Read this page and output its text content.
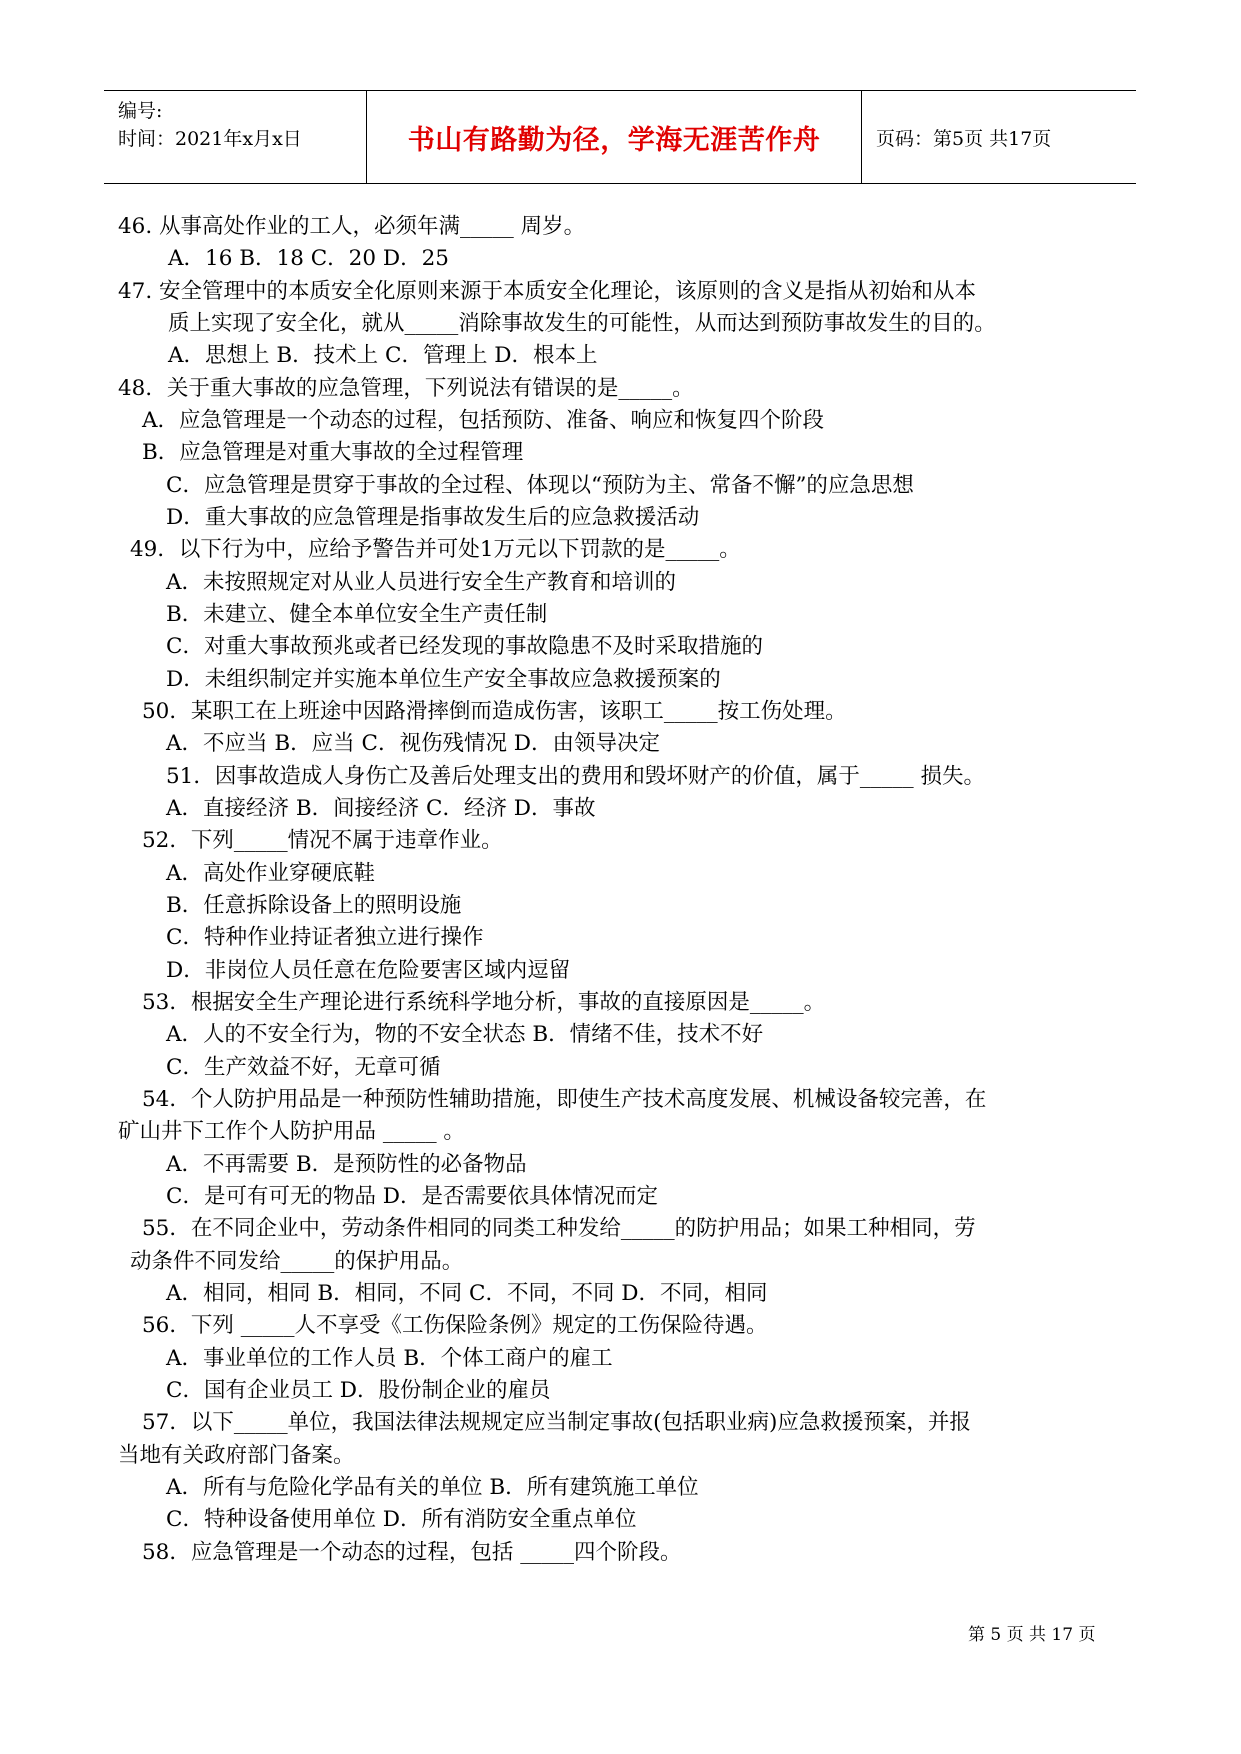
编号:
时间：2021年x月x日	书山有路勤为径，学海无涯苦作舟	页码：第5页 共17页
46. 从事高处作业的工人，必须年满_____ 周岁。
A．16 B．18 C．20 D．25
47. 安全管理中的本质安全化原则来源于本质安全化理论，该原则的含义是指从初始和从本
质上实现了安全化，就从_____消除事故发生的可能性，从而达到预防事故发生的目的。
A．思想上 B．技术上 C．管理上 D．根本上
48．关于重大事故的应急管理，下列说法有错误的是_____。
A．应急管理是一个动态的过程，包括预防、准备、响应和恢复四个阶段
B．应急管理是对重大事故的全过程管理
C．应急管理是贯穿于事故的全过程、体现以“预防为主、常备不懈”的应急思想
D．重大事故的应急管理是指事故发生后的应急救援活动
49．以下行为中，应给予警告并可处1万元以下罚款的是_____。
A．未按照规定对从业人员进行安全生产教育和培训的
B．未建立、健全本单位安全生产责任制
C．对重大事故预兆或者已经发现的事故隐患不及时采取措施的
D．未组织制定并实施本单位生产安全事故应急救援预案的
50．某职工在上班途中因路滑摔倒而造成伤害，该职工_____按工伤处理。
A．不应当 B．应当 C．视伤残情况 D．由领导决定
51．因事故造成人身伤亡及善后处理支出的费用和毁坏财产的价值，属于_____ 损失。
A．直接经济 B．间接经济 C．经济 D．事故
52．下列_____情况不属于违章作业。
A．高处作业穿硬底鞋
B．任意拆除设备上的照明设施
C．特种作业持证者独立进行操作
D．非岗位人员任意在危险要害区域内逗留
53．根据安全生产理论进行系统科学地分析，事故的直接原因是_____。
A．人的不安全行为，物的不安全状态 B．情绪不佳，技术不好
C．生产效益不好，无章可循
54．个人防护用品是一种预防性辅助措施，即使生产技术高度发展、机械设备较完善，在
矿山井下工作个人防护用品 _____ 。
A．不再需要 B．是预防性的必备物品
C．是可有可无的物品 D．是否需要依具体情况而定
55．在不同企业中，劳动条件相同的同类工种发给_____的防护用品；如果工种相同，劳
动条件不同发给_____的保护用品。
A．相同，相同 B．相同，不同 C．不同，不同 D．不同，相同
56．下列 _____人不享受《工伤保险条例》规定的工伤保险待遇。
A．事业单位的工作人员 B．个体工商户的雇工
C．国有企业员工 D．股份制企业的雇员
57．以下_____单位，我国法律法规规定应当制定事故(包括职业病)应急救援预案，并报
当地有关政府部门备案。
A．所有与危险化学品有关的单位 B．所有建筑施工单位
C．特种设备使用单位 D．所有消防安全重点单位
58．应急管理是一个动态的过程，包括 _____四个阶段。
第 5 页 共 17 页
